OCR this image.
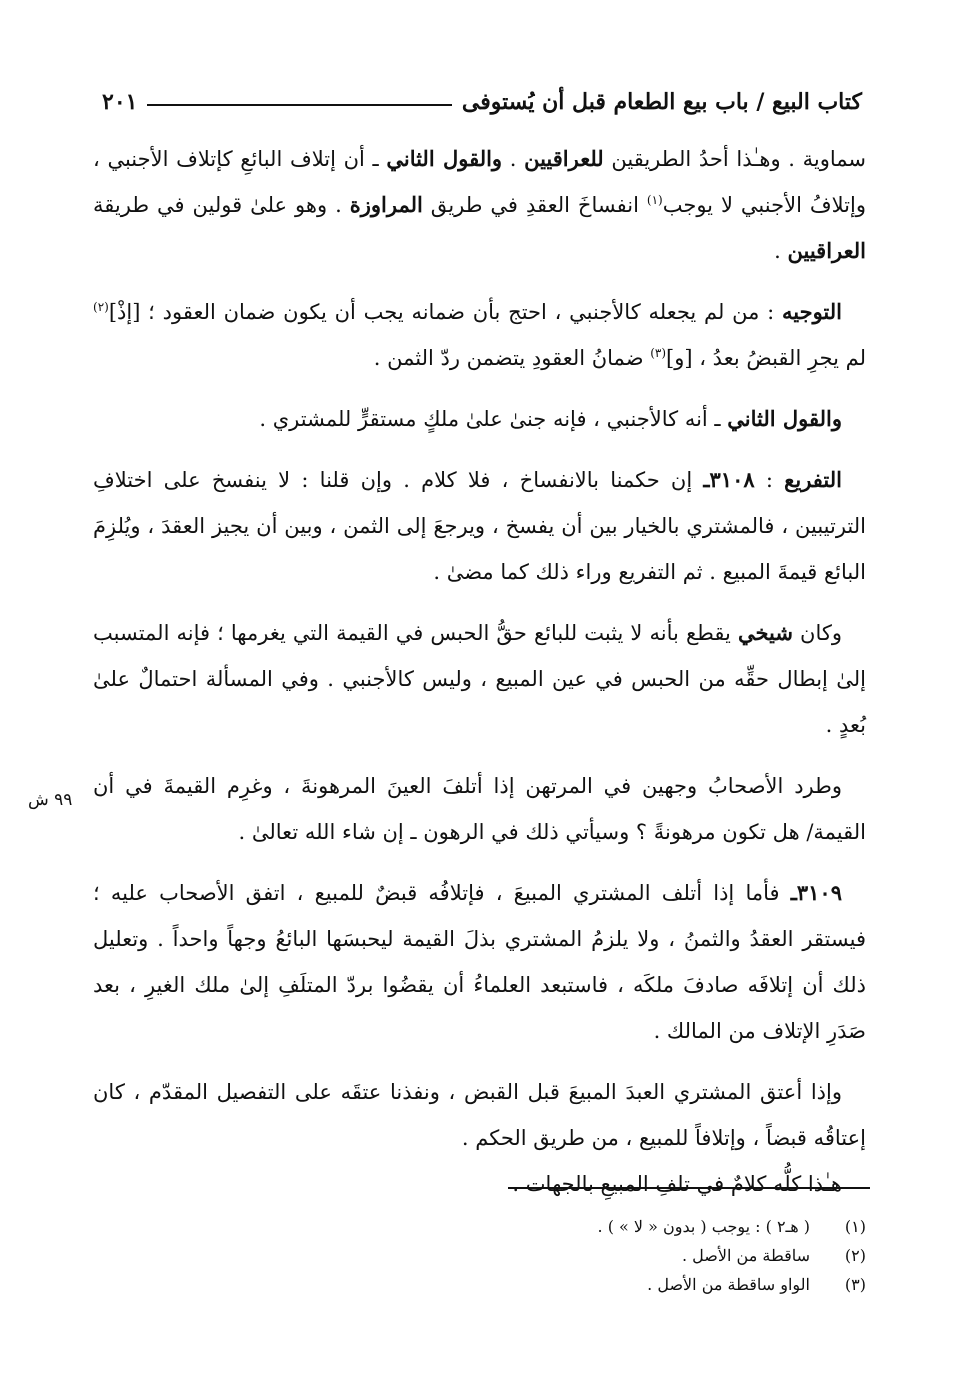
كتاب البيع / باب بيع الطعام قبل أن يُستوفى
٢٠١

سماوية . وهـٰذا أحدُ الطريقين للعراقيين . والقول الثاني ـ أن إتلاف البائعِ كإتلاف الأجنبي ، وإتلافُ الأجنبي لا يوجب$^{(١)}$ انفساخَ العقدِ في طريق المراوزة . وهو علىٰ قولين في طريقة العراقيين .

التوجيه : من لم يجعله كالأجنبي ، احتج بأن ضمانه يجب أن يكون ضمان العقود ؛ [إذْ]$^{(٢)}$ لم يجرِ القبضُ بعدُ ، [و]$^{(٣)}$ ضمانُ العقودِ يتضمن ردّ الثمن .

والقول الثاني ـ أنه كالأجنبي ، فإنه جنىٰ علىٰ ملكٍ مستقرٍّ للمشتري .

التفريع : ٣١٠٨ـ إن حكمنا بالانفساخ ، فلا كلام . وإن قلنا : لا ينفسخ على اختلافِ الترتيبين ، فالمشتري بالخيار بين أن يفسخ ، ويرجعَ إلى الثمن ، وبين أن يجيز العقدَ ، ويُلزِمَ البائع قيمةَ المبيع . ثم التفريع وراء ذلك كما مضىٰ .

وكان شيخي يقطع بأنه لا يثبت للبائع حقُّ الحبس في القيمة التي يغرمها ؛ فإنه المتسبب إلىٰ إبطال حقِّه من الحبس في عين المبيع ، وليس كالأجنبي . وفي المسألة احتمالٌ علىٰ بُعدٍ .

وطرد الأصحابُ وجهين في المرتهن إذا أتلفَ العينَ المرهونةَ ، وغرِم القيمةَ في أن القيمة/ هل تكون مرهونةً ؟ وسيأتي ذلك في الرهون ـ إن شاء الله تعالىٰ .

٣١٠٩ـ فأما إذا أتلف المشتري المبيعَ ، فإتلافُه قبضٌ للمبيع ، اتفق الأصحاب عليه ؛ فيستقر العقدُ والثمنُ ، ولا يلزمُ المشتري بذلَ القيمة ليحبسَها البائعُ وجهاً واحداً . وتعليل ذلك أن إتلافَه صادفَ ملكَه ، فاستبعد العلماءُ أن يقضُوا بردّ المتلَفِ إلىٰ ملك الغيرِ ، بعد صَدَرِ الإتلاف من المالك .

وإذا أعتق المشتري العبدَ المبيعَ قبل القبض ، ونفذنا عتقَه على التفصيل المقدّم ، كان إعتاقُه قبضاً ، وإتلافاً للمبيع ، من طريق الحكم .

هـٰذا كلُّه كلامٌ في تلفِ المبيعِ بالجهات .

٩٩ ش
(١)
( هـ٢ ) : يوجب ( بدون « لا » ) .
(٢)
ساقطة من الأصل .
(٣)
الواو ساقطة من الأصل .
